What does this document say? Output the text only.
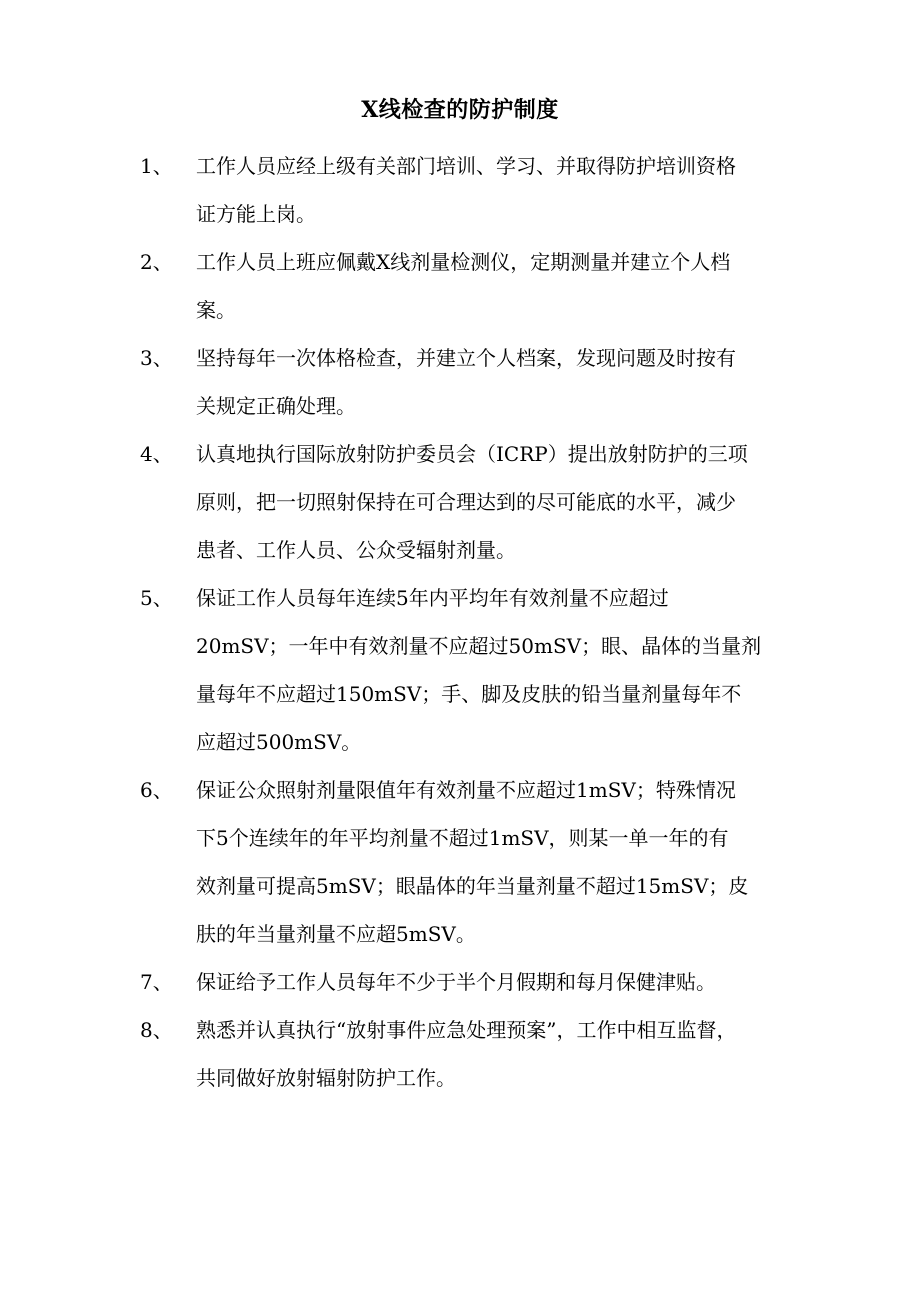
X线检查的防护制度
1、	工作人员应经上级有关部门培训、学习、并取得防护培训资格
证方能上岗。
2、	工作人员上班应佩戴X线剂量检测仪，定期测量并建立个人档
案。
3、	坚持每年一次体格检查，并建立个人档案，发现问题及时按有
关规定正确处理。
4、	认真地执行国际放射防护委员会（ICRP）提出放射防护的三项
原则，把一切照射保持在可合理达到的尽可能底的水平，减少
患者、工作人员、公众受辐射剂量。
5、	保证工作人员每年连续5年内平均年有效剂量不应超过
20mSV；一年中有效剂量不应超过50mSV；眼、晶体的当量剂
量每年不应超过150mSV；手、脚及皮肤的铅当量剂量每年不
应超过500mSV。
6、	保证公众照射剂量限值年有效剂量不应超过1mSV；特殊情况
下5个连续年的年平均剂量不超过1mSV，则某一单一年的有
效剂量可提高5mSV；眼晶体的年当量剂量不超过15mSV；皮
肤的年当量剂量不应超5mSV。
7、	保证给予工作人员每年不少于半个月假期和每月保健津贴。
8、	熟悉并认真执行“放射事件应急处理预案”，工作中相互监督，
共同做好放射辐射防护工作。
